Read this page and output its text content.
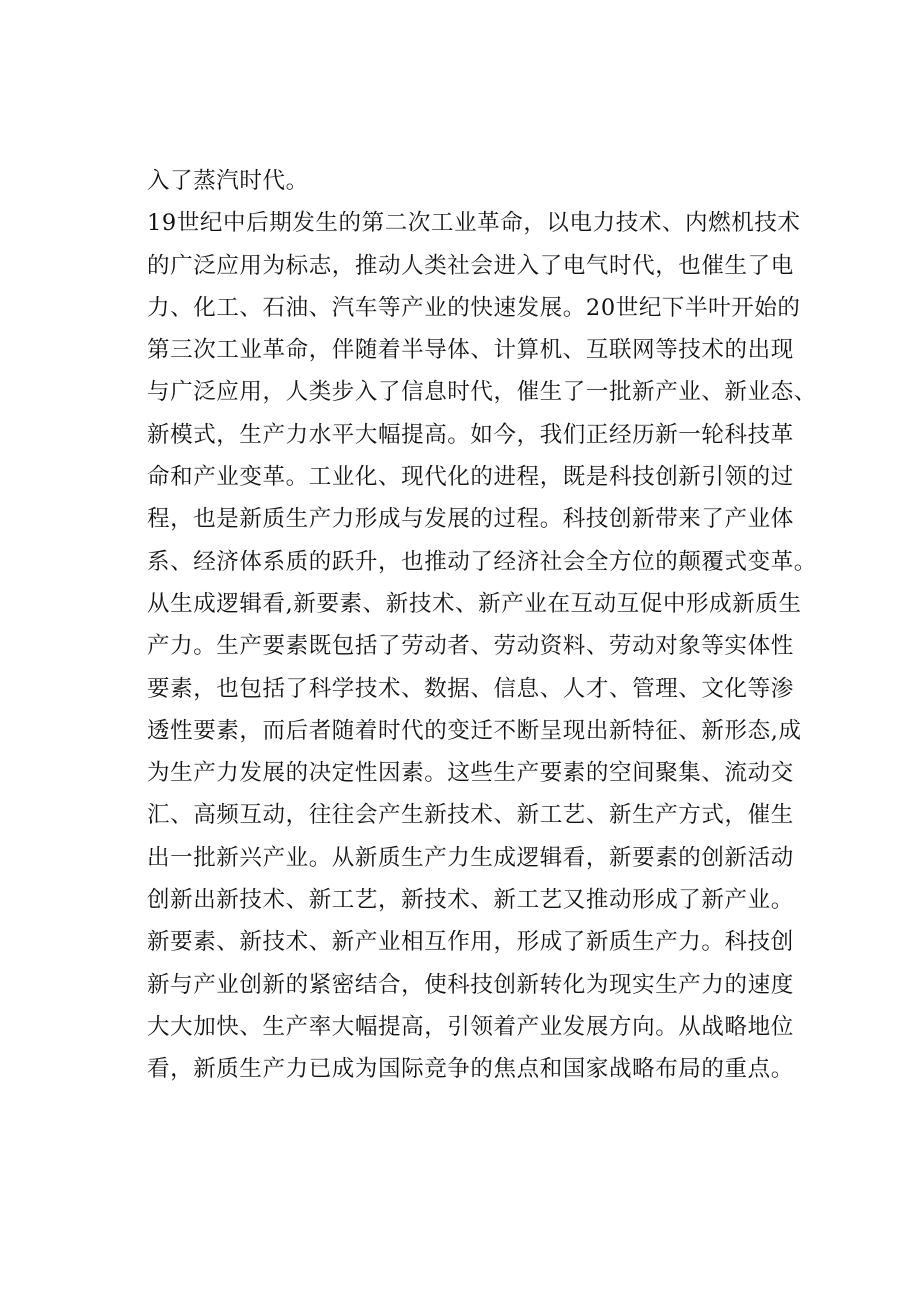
入了蒸汽时代。
19世纪中后期发生的第二次工业革命，以电力技术、内燃机技术
的广泛应用为标志，推动人类社会进入了电气时代，也催生了电
力、化工、石油、汽车等产业的快速发展。20世纪下半叶开始的
第三次工业革命，伴随着半导体、计算机、互联网等技术的出现
与广泛应用，人类步入了信息时代，催生了一批新产业、新业态、
新模式，生产力水平大幅提高。如今，我们正经历新一轮科技革
命和产业变革。工业化、现代化的进程，既是科技创新引领的过
程，也是新质生产力形成与发展的过程。科技创新带来了产业体
系、经济体系质的跃升，也推动了经济社会全方位的颠覆式变革。
从生成逻辑看,新要素、新技术、新产业在互动互促中形成新质生
产力。生产要素既包括了劳动者、劳动资料、劳动对象等实体性
要素，也包括了科学技术、数据、信息、人才、管理、文化等渗
透性要素，而后者随着时代的变迁不断呈现出新特征、新形态,成
为生产力发展的决定性因素。这些生产要素的空间聚集、流动交
汇、高频互动，往往会产生新技术、新工艺、新生产方式，催生
出一批新兴产业。从新质生产力生成逻辑看，新要素的创新活动
创新出新技术、新工艺，新技术、新工艺又推动形成了新产业。
新要素、新技术、新产业相互作用，形成了新质生产力。科技创
新与产业创新的紧密结合，使科技创新转化为现实生产力的速度
大大加快、生产率大幅提高，引领着产业发展方向。从战略地位
看，新质生产力已成为国际竞争的焦点和国家战略布局的重点。
